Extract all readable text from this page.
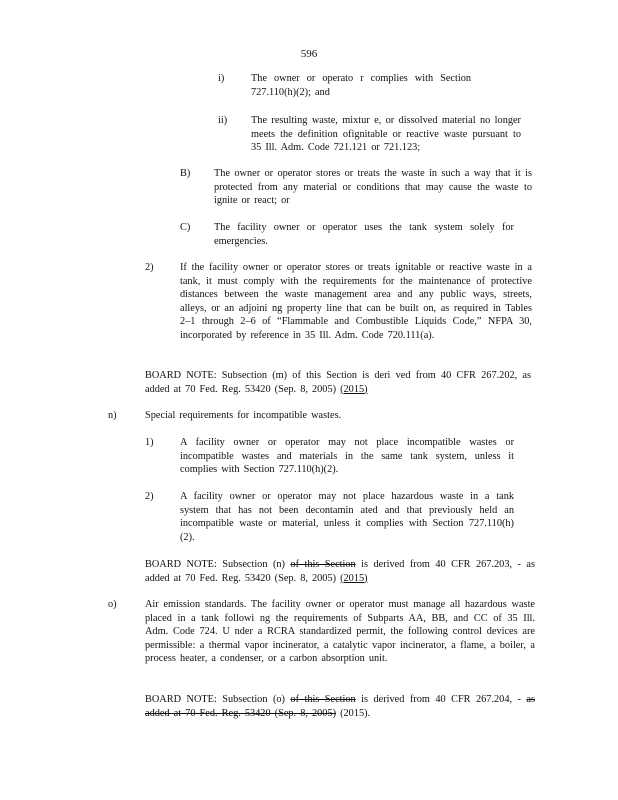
596
i)	The owner or operato r complies with Section 727.110(h)(2); and
ii) The resulting waste, mixtur e, or dissolved material no longer meets the definition ofignitable or reactive waste pursuant to 35 Ill. Adm. Code 721.121 or 721.123;
B) The owner or operator stores or treats the waste in such a way that it is protected from any material or conditions that may cause the waste to ignite or react; or
C) The facility owner or operator uses the tank system solely for emergencies.
2)	If the facility owner or operator stores or treats ignitable or reactive waste in a tank, it must comply with the requirements for the maintenance of protective distances between the waste management area and any public ways, streets, alleys, or an adjoini ng property line that can be built on, as required in Tables 2–1 through 2–6 of “Flammable and Combustible Liquids Code,” NFPA 30, incorporated by reference in 35 Ill. Adm. Code 720.111(a).
BOARD NOTE: Subsection (m) of this Section is deri ved from 40 CFR 267.202, as added at 70 Fed. Reg. 53420 (Sep. 8, 2005) (2015)
n)	Special requirements for incompatible wastes.
1)	A facility owner or operator may not place incompatible wastes or incompatible wastes and materials in the same tank system, unless it complies with Section 727.110(h)(2).
2)	A facility owner or operator may not place hazardous waste in a tank system that has not been decontamin ated and that previously held an incompatible waste or material, unless it complies with Section 727.110(h)(2).
BOARD NOTE: Subsection (n) of this Section is derived from 40 CFR 267.203, - as added at 70 Fed. Reg. 53420 (Sep. 8, 2005) (2015)
o)	Air emission standards. The facility owner or operator must manage all hazardous waste placed in a tank followi ng the requirements of Subparts AA, BB, and CC of 35 Ill. Adm. Code 724. U nder a RCRA standardized permit, the following control devices are permissible: a thermal vapor incinerator, a catalytic vapor incinerator, a flame, a boiler, a process heater, a condenser, or a carbon absorption unit.
BOARD NOTE: Subsection (o) of this Section is derived from 40 CFR 267.204, - as added at 70 Fed. Reg. 53420 (Sep. 8, 2005) (2015).
